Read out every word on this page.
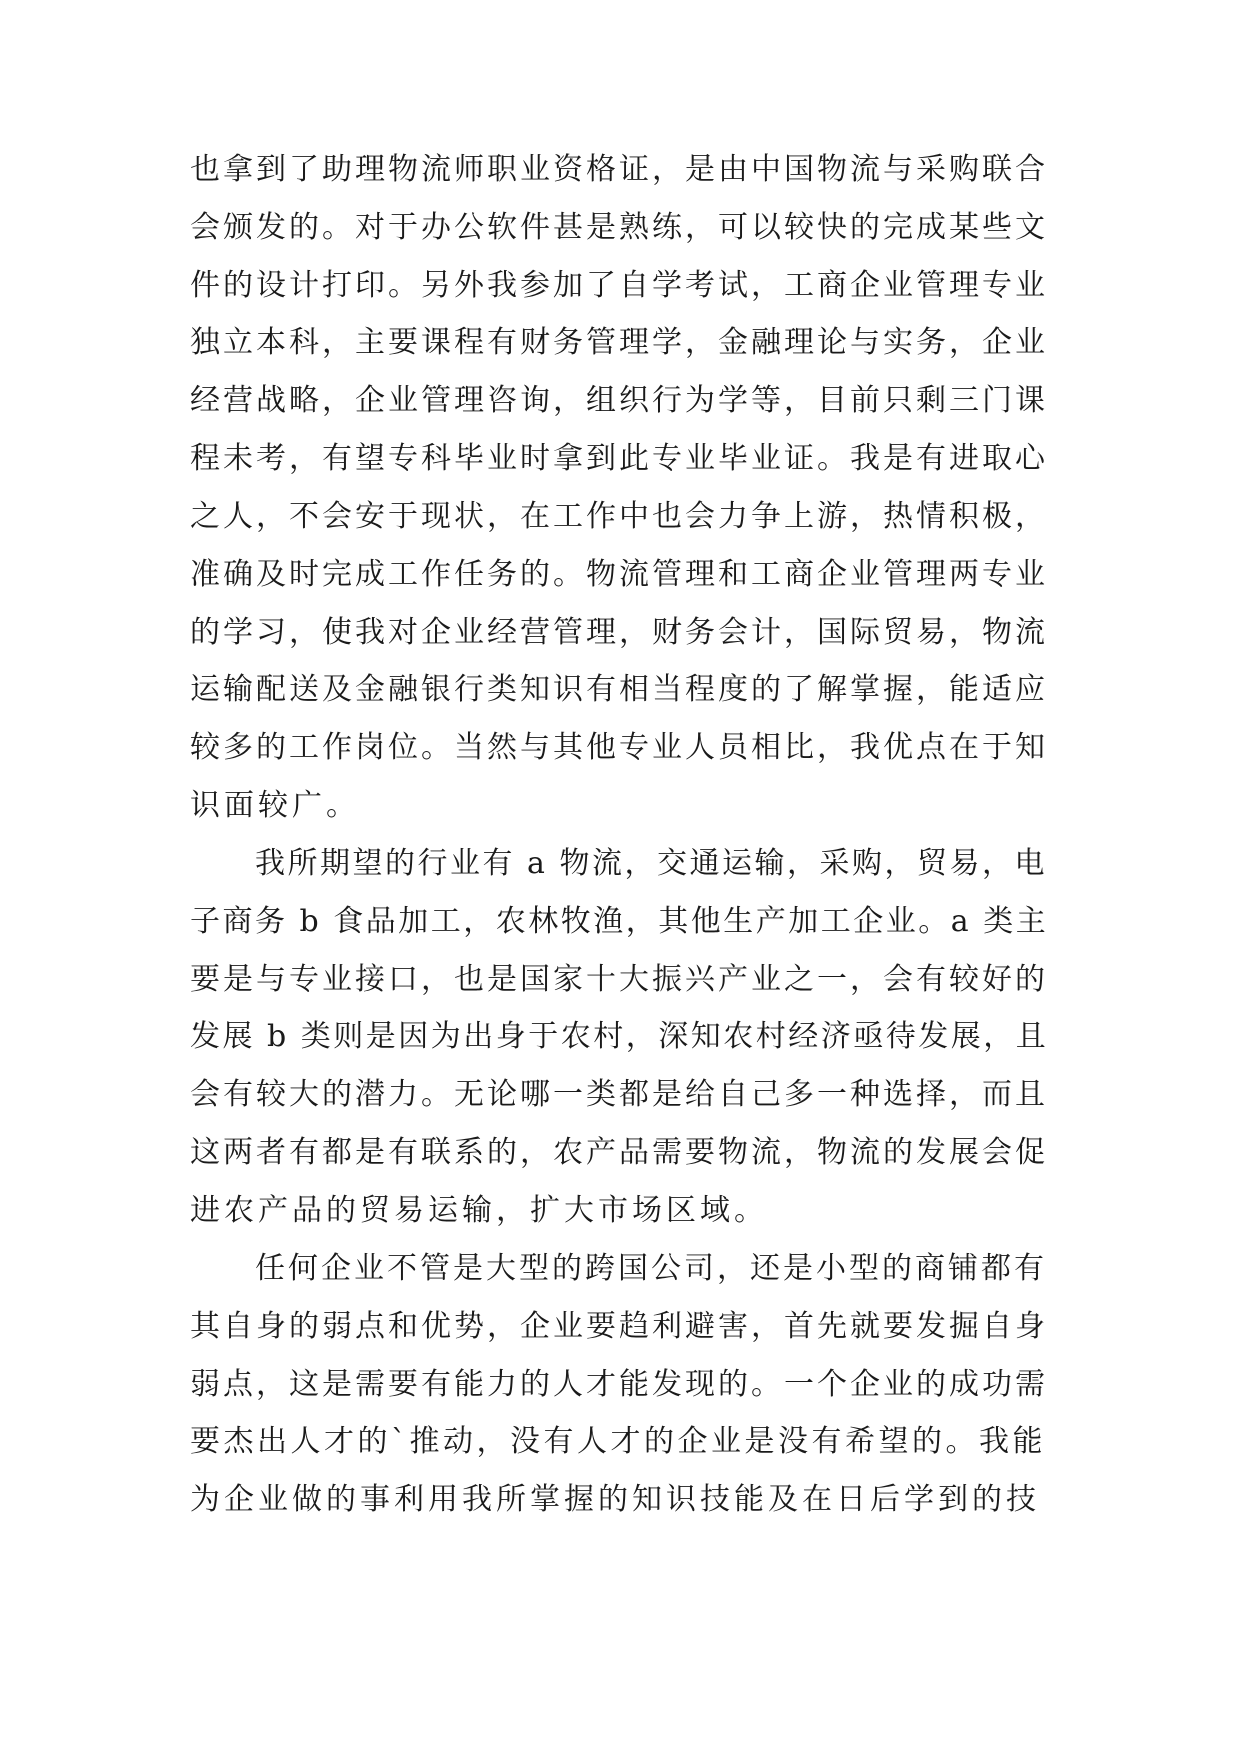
也拿到了助理物流师职业资格证，是由中国物流与采购联合
会颁发的。对于办公软件甚是熟练，可以较快的完成某些文
件的设计打印。另外我参加了自学考试，工商企业管理专业
独立本科，主要课程有财务管理学，金融理论与实务，企业
经营战略，企业管理咨询，组织行为学等，目前只剩三门课
程未考，有望专科毕业时拿到此专业毕业证。我是有进取心
之人，不会安于现状，在工作中也会力争上游，热情积极，
准确及时完成工作任务的。物流管理和工商企业管理两专业
的学习，使我对企业经营管理，财务会计，国际贸易，物流
运输配送及金融银行类知识有相当程度的了解掌握，能适应
较多的工作岗位。当然与其他专业人员相比，我优点在于知
识面较广。
我所期望的行业有 a 物流，交通运输，采购，贸易，电
子商务 b 食品加工，农林牧渔，其他生产加工企业。a 类主
要是与专业接口，也是国家十大振兴产业之一，会有较好的
发展 b 类则是因为出身于农村，深知农村经济亟待发展，且
会有较大的潜力。无论哪一类都是给自己多一种选择，而且
这两者有都是有联系的，农产品需要物流，物流的发展会促
进农产品的贸易运输，扩大市场区域。
任何企业不管是大型的跨国公司，还是小型的商铺都有
其自身的弱点和优势，企业要趋利避害，首先就要发掘自身
弱点，这是需要有能力的人才能发现的。一个企业的成功需
要杰出人才的`推动，没有人才的企业是没有希望的。我能
为企业做的事利用我所掌握的知识技能及在日后学到的技
